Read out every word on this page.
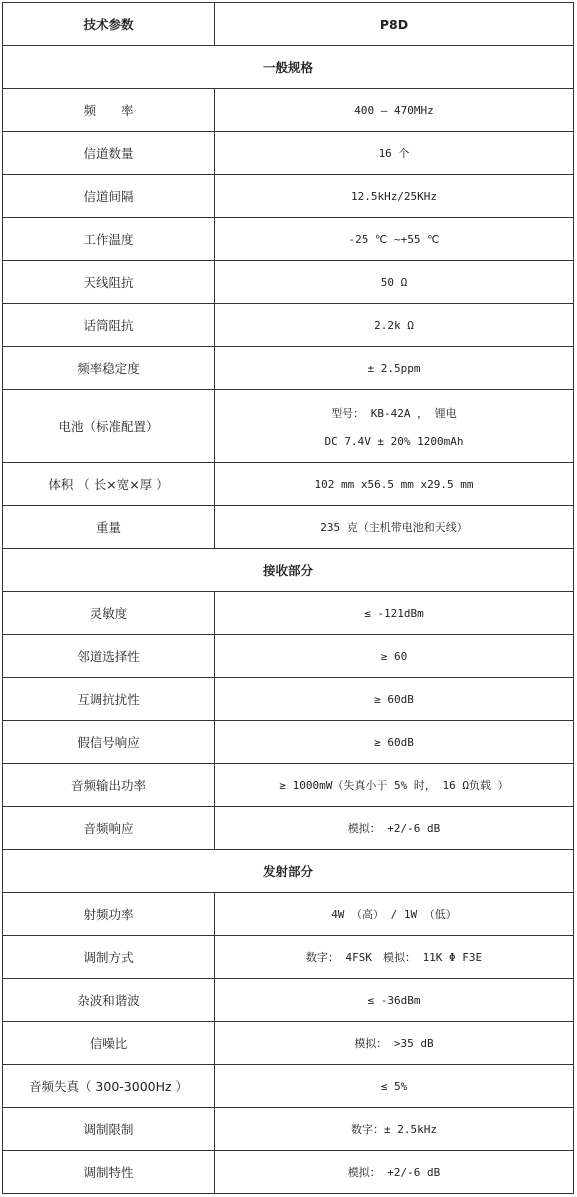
技术参数	P8D
一般规格	
频　　率	400 — 470MHz
信道数量	16 个
信道间隔	12.5kHz/25KHz
工作温度	-25 ℃ ~+55 ℃
天线阻抗	50 Ω
话筒阻抗	2.2k Ω
频率稳定度	± 2.5ppm
电池（标准配置）	型号： KB-42A ， 锂电
DC 7.4V ± 20% 1200mAh

体积 （ 长×宽×厚 ）	102 mm x56.5 mm x29.5 mm
重量	235 克（主机带电池和天线）
接收部分	
灵敏度	≤ -121dBm
邻道选择性	≥ 60
互调抗扰性	≥ 60dB
假信号响应	≥ 60dB
音频输出功率	≥ 1000mW（失真小于 5% 时， 16 Ω负载 ）
音频响应	模拟： +2/-6 dB
发射部分	
射频功率	4W （高） / 1W （低）
调制方式	数字： 4FSK　模拟： 11K Φ F3E
杂波和谐波	≤ -36dBm
信噪比	模拟： >35 dB
音频失真（ 300-3000Hz ）	≤ 5%
调制限制	数字：± 2.5kHz
调制特性	模拟： +2/-6 dB
